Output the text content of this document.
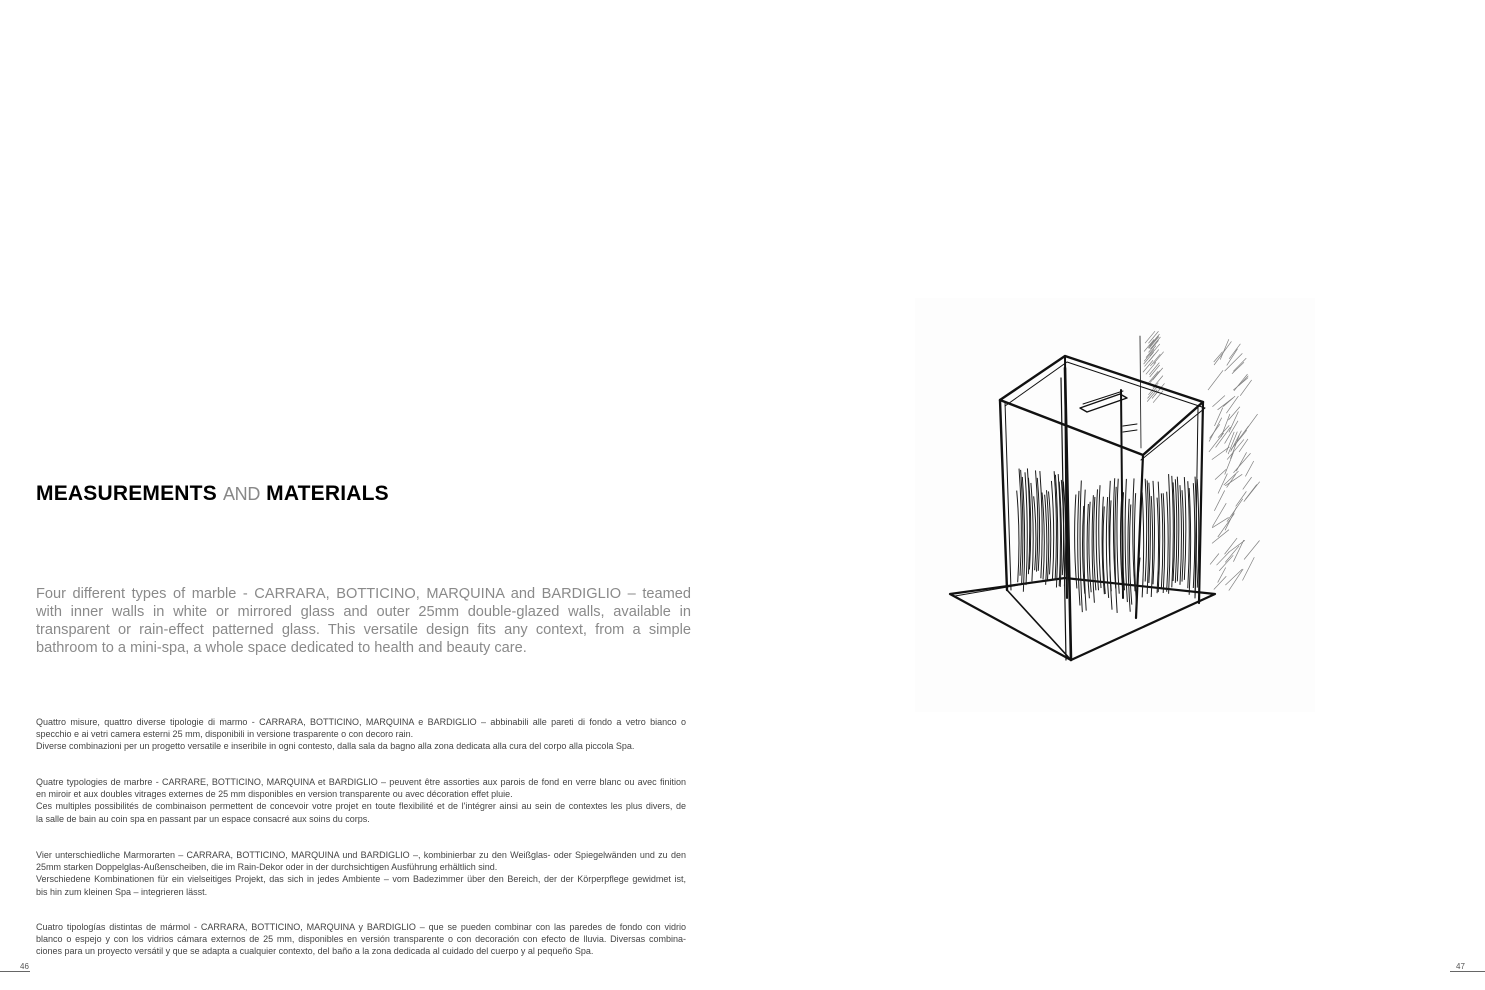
MEASUREMENTS AND MATERIALS

Four different types of marble - CARRARA, BOTTICINO, MARQUINA and BARDIGLIO – teamed with inner walls in white or mirrored glass and outer 25mm double-glazed walls, available in transparent or rain-effect patterned glass. This versatile design fits any context, from a simple bathroom to a mini-spa, a whole space dedicated to health and beauty care.

Quattro misure, quattro diverse tipologie di marmo - CARRARA, BOTTICINO, MARQUINA e BARDIGLIO – abbinabili alle pareti di fondo a vetro bianco o
specchio e ai vetri camera esterni 25 mm, disponibili in versione trasparente o con decoro rain.
Diverse combinazioni per un progetto versatile e inseribile in ogni contesto, dalla sala da bagno alla zona dedicata alla cura del corpo alla piccola Spa.
Quatre typologies de marbre - CARRARE, BOTTICINO, MARQUINA et BARDIGLIO – peuvent être assorties aux parois de fond en verre blanc ou avec finition
en miroir et aux doubles vitrages externes de 25 mm disponibles en version transparente ou avec décoration effet pluie.
Ces multiples possibilités de combinaison permettent de concevoir votre projet en toute flexibilité et de l'intégrer ainsi au sein de contextes les plus divers, de
la salle de bain au coin spa en passant par un espace consacré aux soins du corps.
Vier unterschiedliche Marmorarten – CARRARA, BOTTICINO, MARQUINA und BARDIGLIO –, kombinierbar zu den Weißglas- oder Spiegelwänden und zu den
25mm starken Doppelglas-Außenscheiben, die im Rain-Dekor oder in der durchsichtigen Ausführung erhältlich sind.
Verschiedene Kombinationen für ein vielseitiges Projekt, das sich in jedes Ambiente – vom Badezimmer über den Bereich, der der Körperpflege gewidmet ist,
bis hin zum kleinen Spa – integrieren lässt.
Cuatro tipologías distintas de mármol - CARRARA, BOTTICINO, MARQUINA y BARDIGLIO – que se pueden combinar con las paredes de fondo con vidrio
blanco o espejo y con los vidrios cámara externos de 25 mm, disponibles en versión transparente o con decoración con efecto de lluvia. Diversas combina-
ciones para un proyecto versátil y que se adapta a cualquier contexto, del baño a la zona dedicada al cuidado del cuerpo y al pequeño Spa.
46	47
